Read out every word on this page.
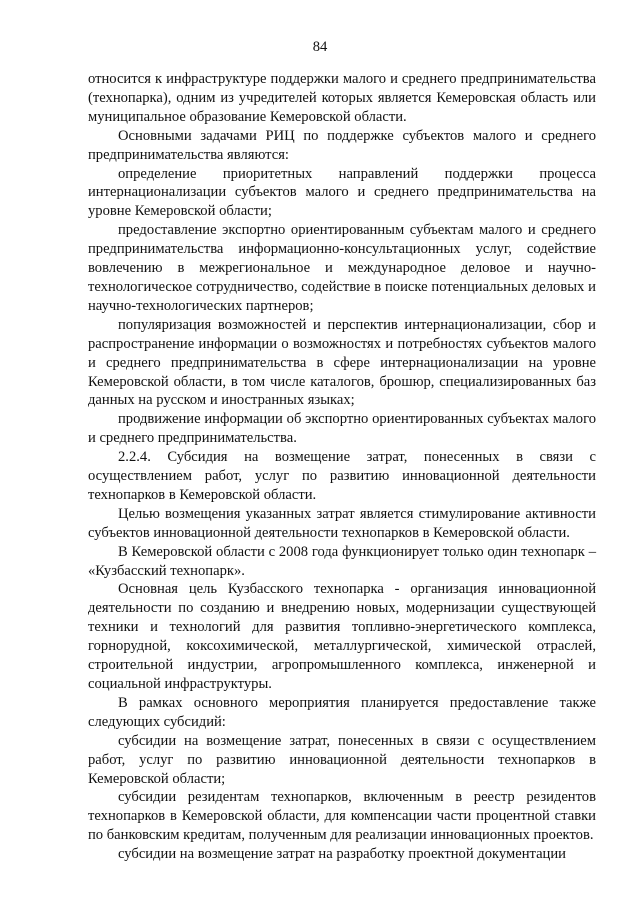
84

относится к инфраструктуре поддержки малого и среднего предпринимательства (технопарка), одним из учредителей которых является Кемеровская область или муниципальное образование Кемеровской области.

Основными задачами РИЦ по поддержке субъектов малого и среднего предпринимательства являются:

определение приоритетных направлений поддержки процесса интернационализации субъектов малого и среднего предпринимательства на уровне Кемеровской области;

предоставление экспортно ориентированным субъектам малого и среднего предпринимательства информационно-консультационных услуг, содействие вовлечению в межрегиональное и международное деловое и научно-технологическое сотрудничество, содействие в поиске потенциальных деловых и научно-технологических партнеров;

популяризация возможностей и перспектив интернационализации, сбор и распространение информации о возможностях и потребностях субъектов малого и среднего предпринимательства в сфере интернационализации на уровне Кемеровской области, в том числе каталогов, брошюр, специализированных баз данных на русском и иностранных языках;

продвижение информации об экспортно ориентированных субъектах малого и среднего предпринимательства.

2.2.4. Субсидия на возмещение затрат, понесенных в связи с осуществлением работ, услуг по развитию инновационной деятельности технопарков в Кемеровской области.

Целью возмещения указанных затрат является стимулирование активности субъектов инновационной деятельности технопарков в Кемеровской области.

В Кемеровской области с 2008 года функционирует только один технопарк – «Кузбасский технопарк».

Основная цель Кузбасского технопарка - организация инновационной деятельности по созданию и внедрению новых, модернизации существующей техники и технологий для развития топливно-энергетического комплекса, горнорудной, коксохимической, металлургической, химической отраслей, строительной индустрии, агропромышленного комплекса, инженерной и социальной инфраструктуры.

В рамках основного мероприятия планируется предоставление также следующих субсидий:

субсидии на возмещение затрат, понесенных в связи с осуществлением работ, услуг по развитию инновационной деятельности технопарков в Кемеровской области;

субсидии резидентам технопарков, включенным в реестр резидентов технопарков в Кемеровской области, для компенсации части процентной ставки по банковским кредитам, полученным для реализации инновационных проектов.

субсидии на возмещение затрат на разработку проектной документации
